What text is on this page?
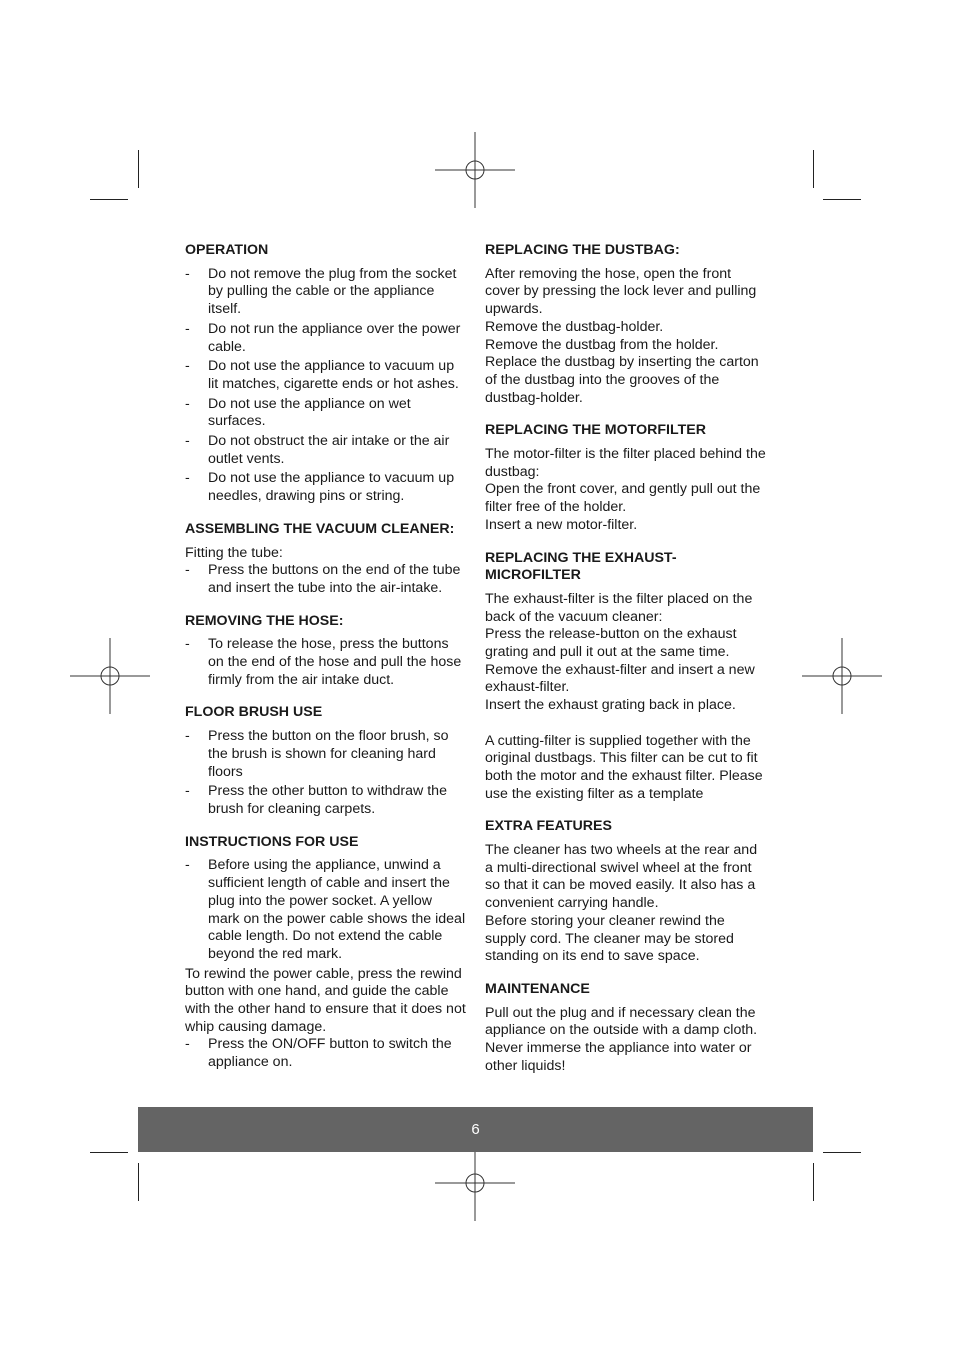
OPERATION
- Do not remove the plug from the socket by pulling the cable or the appliance itself.
- Do not run the appliance over the power cable.
- Do not use the appliance to vacuum up lit matches, cigarette ends or hot ashes.
- Do not use the appliance on wet surfaces.
- Do not obstruct the air intake or the air outlet vents.
- Do not use the appliance to vacuum up needles, drawing pins or string.
ASSEMBLING THE VACUUM CLEANER:

Fitting the tube:

- Press the buttons on the end of the tube and insert the tube into the air-intake.
REMOVING THE HOSE:
- To release the hose, press the buttons on the end of the hose and pull the hose firmly from the air intake duct.
FLOOR BRUSH USE
- Press the button on the floor brush, so the brush is shown for cleaning hard floors
- Press the other button to withdraw the brush for cleaning carpets.
INSTRUCTIONS FOR USE
- Before using the appliance, unwind a sufficient length of cable and insert the plug into the power socket. A yellow mark on the power cable shows the ideal cable length. Do not extend the cable beyond the red mark.

To rewind the power cable, press the rewind button with one hand, and guide the cable with the other hand to ensure that it does not whip causing damage.

- Press the ON/OFF button to switch the appliance on.
REPLACING THE DUSTBAG:

After removing the hose, open the front cover by pressing the lock lever and pulling upwards.

Remove the dustbag-holder.

Remove the dustbag from the holder.

Replace the dustbag by inserting the carton of the dustbag into the grooves of the dustbag-holder.

REPLACING THE MOTORFILTER

The motor-filter is the filter placed behind the dustbag:

Open the front cover, and gently pull out the filter free of the holder.

Insert a new motor-filter.

REPLACING THE EXHAUST-MICROFILTER

The exhaust-filter is the filter placed on the back of the vacuum cleaner:

Press the release-button on the exhaust grating and pull it out at the same time.

Remove the exhaust-filter and insert a new exhaust-filter.

Insert the exhaust grating back in place.

A cutting-filter is supplied together with the original dustbags. This filter can be cut to fit both the motor and the exhaust filter. Please use the existing filter as a template

EXTRA FEATURES

The cleaner has two wheels at the rear and a multi-directional swivel wheel at the front so that it can be moved easily. It also has a convenient carrying handle.

Before storing your cleaner rewind the supply cord. The cleaner may be stored standing on its end to save space.

MAINTENANCE

Pull out the plug and if necessary clean the appliance on the outside with a damp cloth. Never immerse the appliance into water or other liquids!

6
